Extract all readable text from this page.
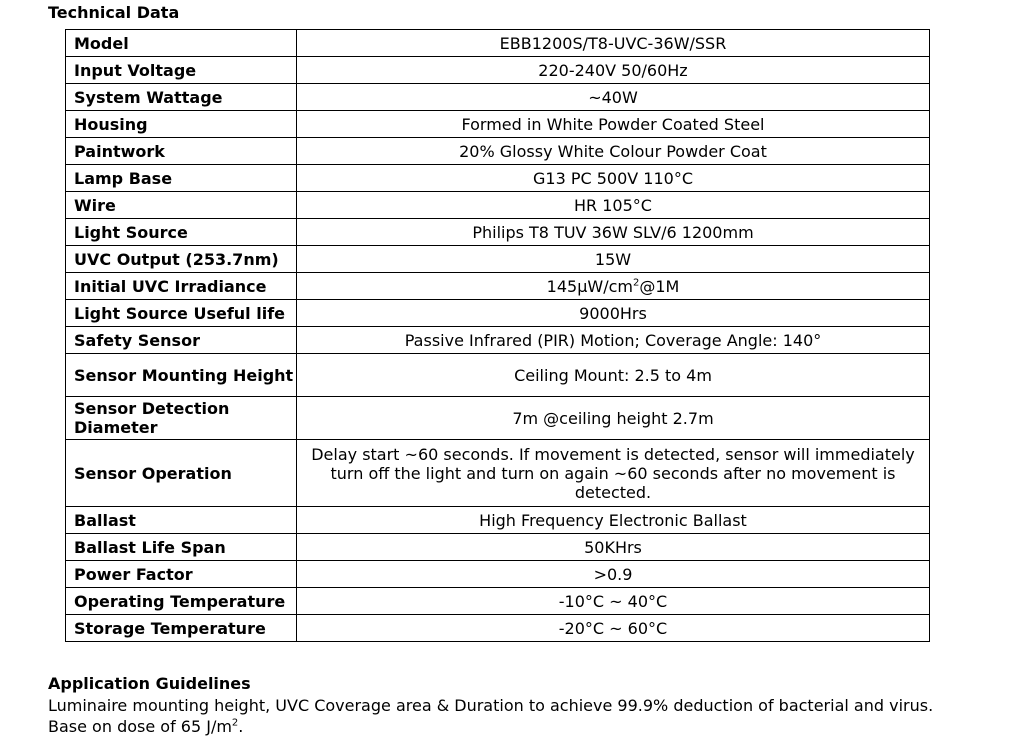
Technical Data
Model	EBB1200S/T8-UVC-36W/SSR
Input Voltage	220-240V 50/60Hz
System Wattage	~40W
Housing	Formed in White Powder Coated Steel
Paintwork	20% Glossy White Colour Powder Coat
Lamp Base	G13 PC 500V 110°C
Wire	HR 105°C
Light Source	Philips T8 TUV 36W SLV/6 1200mm
UVC Output (253.7nm)	15W
Initial UVC Irradiance	$145\mu W/cm^2@1M$
Light Source Useful life	9000Hrs
Safety Sensor	Passive Infrared (PIR) Motion; Coverage Angle: 140°
Sensor Mounting Height	Ceiling Mount: 2.5 to 4m
Sensor Detection Diameter	7m @ceiling height 2.7m
Sensor Operation	Delay start ~60 seconds. If movement is detected, sensor will immediately turn off the light and turn on again ~60 seconds after no movement is detected.
Ballast	High Frequency Electronic Ballast
Ballast Life Span	50KHrs
Power Factor	>0.9
Operating Temperature	-10°C ~ 40°C
Storage Temperature	-20°C ~ 60°C
Application Guidelines
Luminaire mounting height, UVC Coverage area & Duration to achieve 99.9% deduction of bacterial and virus.
Base on dose of 65 $J/m^2$.
